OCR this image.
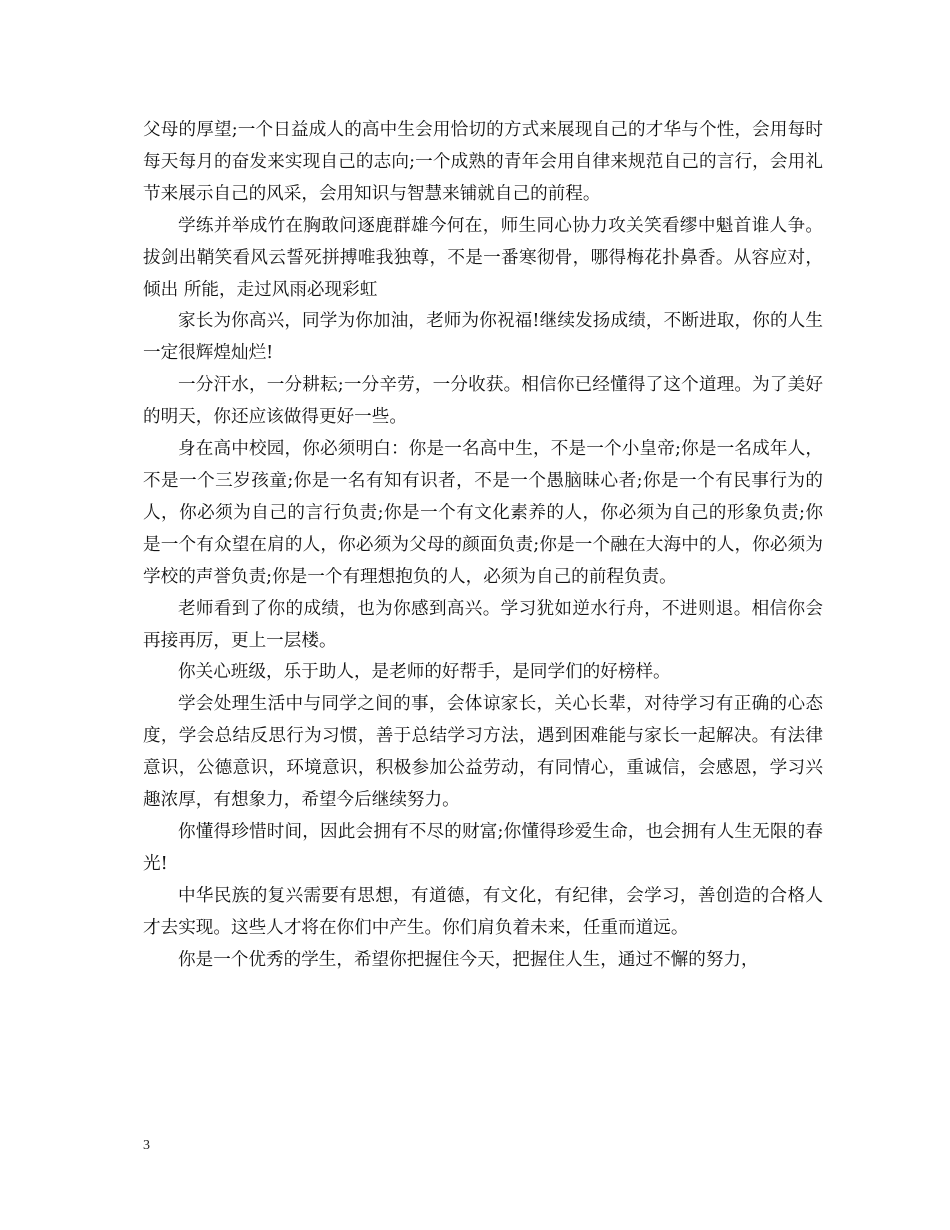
父母的厚望;一个日益成人的高中生会用恰切的方式来展现自己的才华与个性，会用每时每天每月的奋发来实现自己的志向;一个成熟的青年会用自律来规范自己的言行，会用礼节来展示自己的风采，会用知识与智慧来铺就自己的前程。

学练并举成竹在胸敢问逐鹿群雄今何在，师生同心协力攻关笑看缪中魁首谁人争。拔剑出鞘笑看风云誓死拼搏唯我独尊，不是一番寒彻骨，哪得梅花扑鼻香。从容应对，倾出 所能，走过风雨必现彩虹

家长为你高兴，同学为你加油，老师为你祝福!继续发扬成绩，不断进取，你的人生一定很辉煌灿烂!

一分汗水，一分耕耘;一分辛劳，一分收获。相信你已经懂得了这个道理。为了美好的明天，你还应该做得更好一些。

身在高中校园，你必须明白：你是一名高中生，不是一个小皇帝;你是一名成年人，不是一个三岁孩童;你是一名有知有识者，不是一个愚脑昧心者;你是一个有民事行为的人，你必须为自己的言行负责;你是一个有文化素养的人，你必须为自己的形象负责;你是一个有众望在肩的人，你必须为父母的颜面负责;你是一个融在大海中的人，你必须为学校的声誉负责;你是一个有理想抱负的人，必须为自己的前程负责。

老师看到了你的成绩，也为你感到高兴。学习犹如逆水行舟，不进则退。相信你会再接再厉，更上一层楼。

你关心班级，乐于助人，是老师的好帮手，是同学们的好榜样。

学会处理生活中与同学之间的事，会体谅家长，关心长辈，对待学习有正确的心态度，学会总结反思行为习惯，善于总结学习方法，遇到困难能与家长一起解决。有法律意识，公德意识，环境意识，积极参加公益劳动，有同情心，重诚信，会感恩，学习兴趣浓厚，有想象力，希望今后继续努力。

你懂得珍惜时间，因此会拥有不尽的财富;你懂得珍爱生命，也会拥有人生无限的春光!

中华民族的复兴需要有思想，有道德，有文化，有纪律，会学习，善创造的合格人才去实现。这些人才将在你们中产生。你们肩负着未来，任重而道远。

你是一个优秀的学生，希望你把握住今天，把握住人生，通过不懈的努力，

3
